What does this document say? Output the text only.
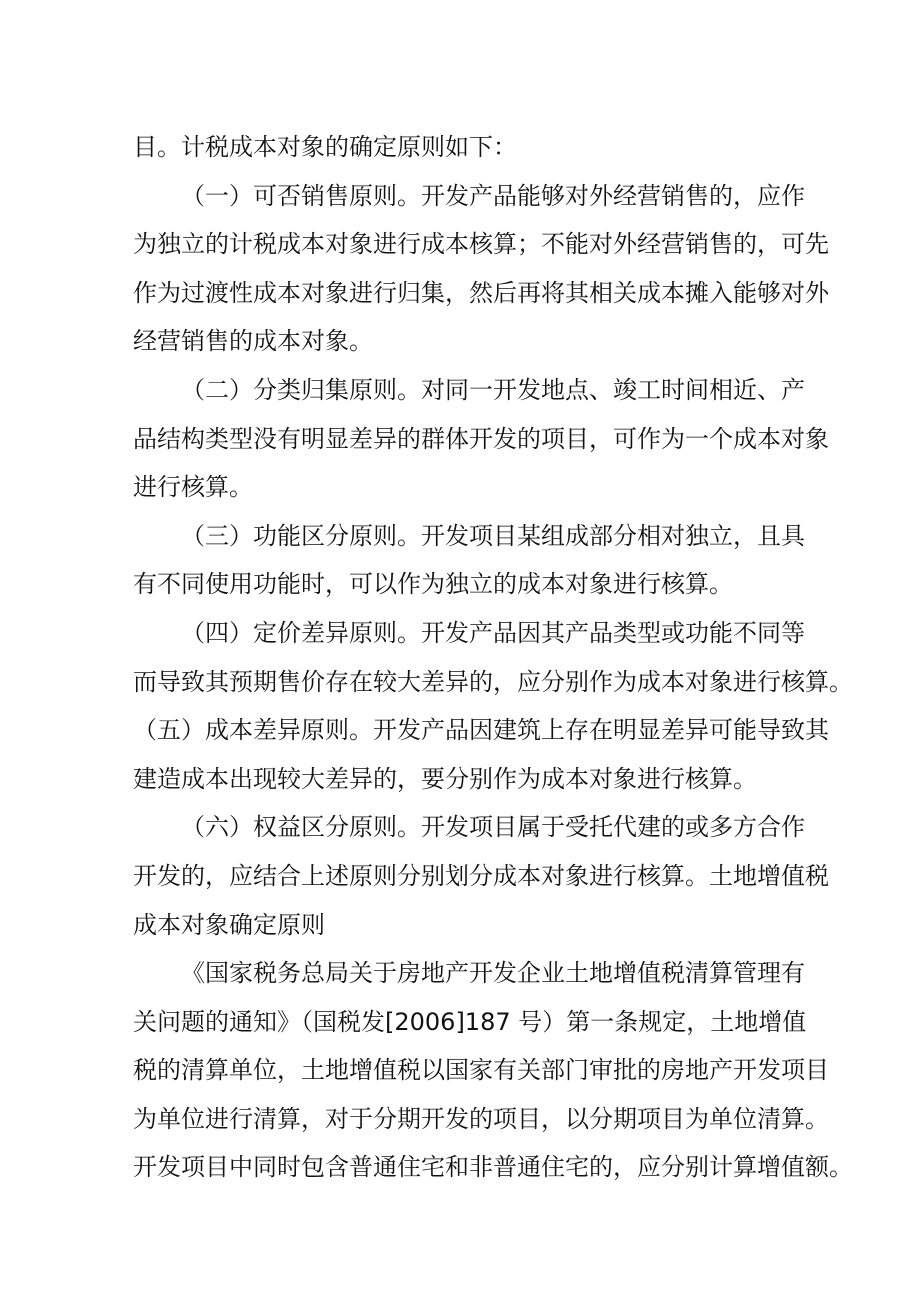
目。计税成本对象的确定原则如下：
（一）可否销售原则。开发产品能够对外经营销售的，应作
为独立的计税成本对象进行成本核算；不能对外经营销售的，可先
作为过渡性成本对象进行归集，然后再将其相关成本摊入能够对外
经营销售的成本对象。
（二）分类归集原则。对同一开发地点、竣工时间相近、产
品结构类型没有明显差异的群体开发的项目，可作为一个成本对象
进行核算。
（三）功能区分原则。开发项目某组成部分相对独立，且具
有不同使用功能时，可以作为独立的成本对象进行核算。
（四）定价差异原则。开发产品因其产品类型或功能不同等
而导致其预期售价存在较大差异的，应分别作为成本对象进行核算。
（五）成本差异原则。开发产品因建筑上存在明显差异可能导致其
建造成本出现较大差异的，要分别作为成本对象进行核算。
（六）权益区分原则。开发项目属于受托代建的或多方合作
开发的，应结合上述原则分别划分成本对象进行核算。土地增值税
成本对象确定原则
《国家税务总局关于房地产开发企业土地增值税清算管理有
关问题的通知》（国税发[2006]187 号）第一条规定，土地增值
税的清算单位，土地增值税以国家有关部门审批的房地产开发项目
为单位进行清算，对于分期开发的项目，以分期项目为单位清算。
开发项目中同时包含普通住宅和非普通住宅的，应分别计算增值额。
